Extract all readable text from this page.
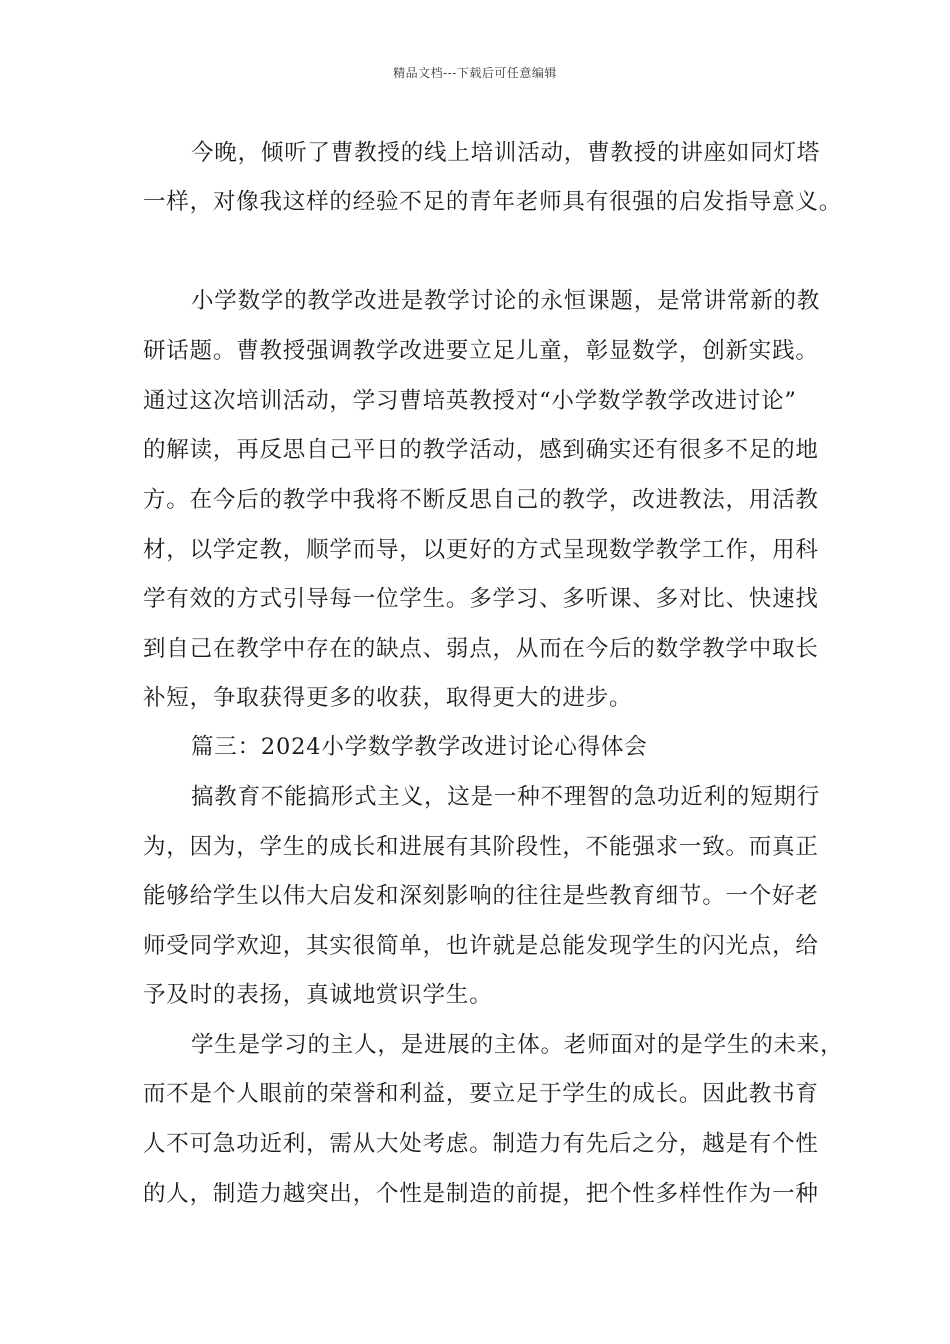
精品文档---下载后可任意编辑
今晚，倾听了曹教授的线上培训活动，曹教授的讲座如同灯塔
一样，对像我这样的经验不足的青年老师具有很强的启发指导意义。
小学数学的教学改进是教学讨论的永恒课题，是常讲常新的教
研话题。曹教授强调教学改进要立足儿童，彰显数学，创新实践。
通过这次培训活动，学习曹培英教授对“小学数学教学改进讨论”
的解读，再反思自己平日的教学活动，感到确实还有很多不足的地
方。在今后的教学中我将不断反思自己的教学，改进教法，用活教
材，以学定教，顺学而导，以更好的方式呈现数学教学工作，用科
学有效的方式引导每一位学生。多学习、多听课、多对比、快速找
到自己在教学中存在的缺点、弱点，从而在今后的数学教学中取长
补短，争取获得更多的收获，取得更大的进步。
篇三：2024小学数学教学改进讨论心得体会
搞教育不能搞形式主义，这是一种不理智的急功近利的短期行
为，因为，学生的成长和进展有其阶段性，不能强求一致。而真正
能够给学生以伟大启发和深刻影响的往往是些教育细节。一个好老
师受同学欢迎，其实很简单，也许就是总能发现学生的闪光点，给
予及时的表扬，真诚地赏识学生。
学生是学习的主人，是进展的主体。老师面对的是学生的未来，
而不是个人眼前的荣誉和利益，要立足于学生的成长。因此教书育
人不可急功近利，需从大处考虑。制造力有先后之分，越是有个性
的人，制造力越突出，个性是制造的前提，把个性多样性作为一种
